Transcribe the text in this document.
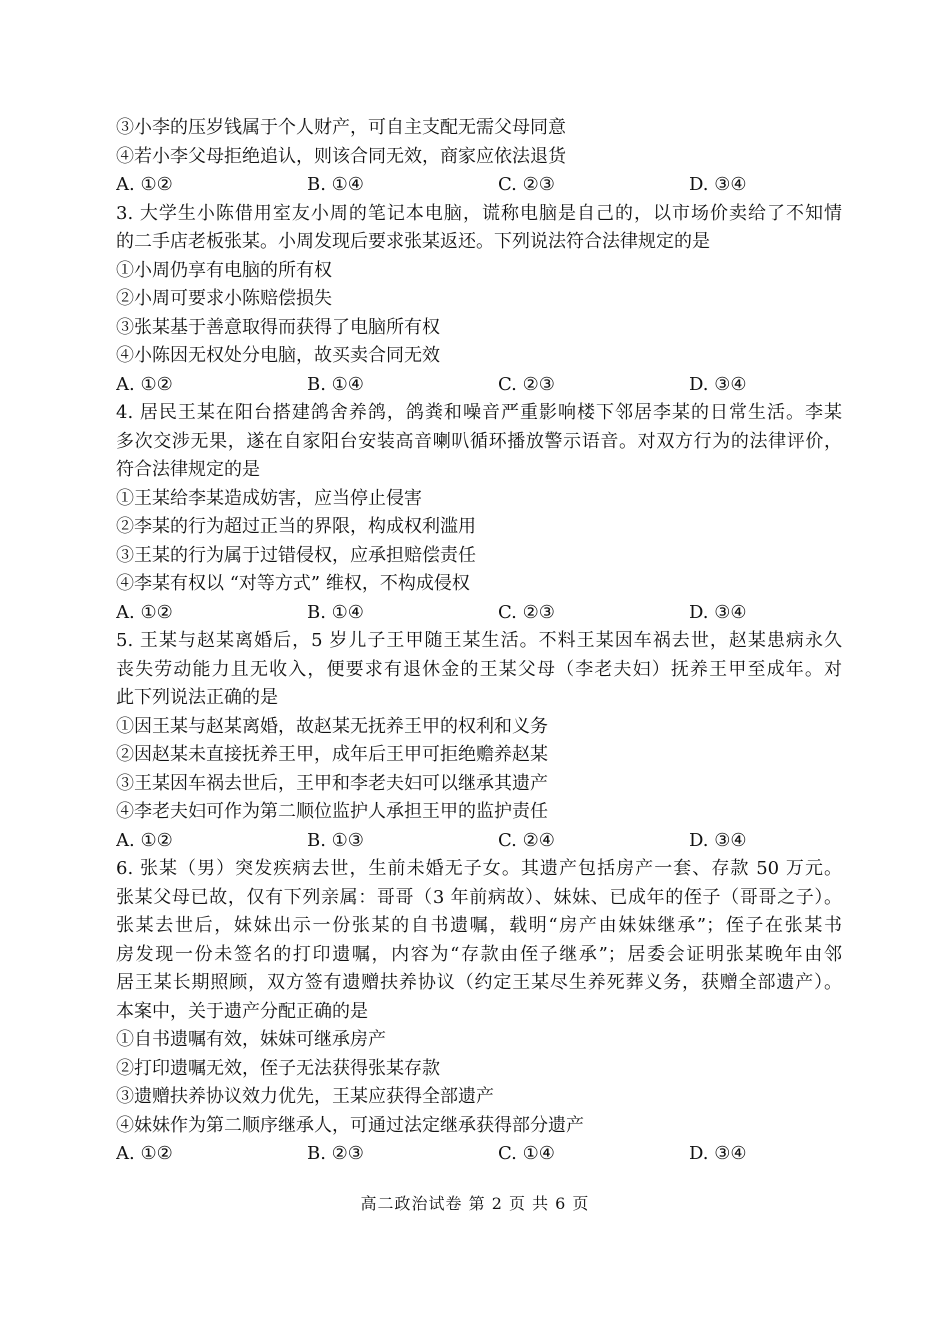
③小李的压岁钱属于个人财产，可自主支配无需父母同意
④若小李父母拒绝追认，则该合同无效，商家应依法退货
A. ①②	B. ①④	C. ②③	D. ③④
3. 大学生小陈借用室友小周的笔记本电脑，谎称电脑是自己的，以市场价卖给了不知情
的二手店老板张某。小周发现后要求张某返还。下列说法符合法律规定的是
①小周仍享有电脑的所有权
②小周可要求小陈赔偿损失
③张某基于善意取得而获得了电脑所有权
④小陈因无权处分电脑，故买卖合同无效
A. ①②	B. ①④	C. ②③	D. ③④
4. 居民王某在阳台搭建鸽舍养鸽，鸽粪和噪音严重影响楼下邻居李某的日常生活。李某
多次交涉无果，遂在自家阳台安装高音喇叭循环播放警示语音。对双方行为的法律评价，
符合法律规定的是
①王某给李某造成妨害，应当停止侵害
②李某的行为超过正当的界限，构成权利滥用
③王某的行为属于过错侵权，应承担赔偿责任
④李某有权以 “对等方式” 维权，不构成侵权
A. ①②	B. ①④	C. ②③	D. ③④
5. 王某与赵某离婚后，5 岁儿子王甲随王某生活。不料王某因车祸去世，赵某患病永久
丧失劳动能力且无收入，便要求有退休金的王某父母（李老夫妇）抚养王甲至成年。对
此下列说法正确的是
①因王某与赵某离婚，故赵某无抚养王甲的权利和义务
②因赵某未直接抚养王甲，成年后王甲可拒绝赡养赵某
③王某因车祸去世后，王甲和李老夫妇可以继承其遗产
④李老夫妇可作为第二顺位监护人承担王甲的监护责任
A. ①②	B. ①③	C. ②④	D. ③④
6. 张某（男）突发疾病去世，生前未婚无子女。其遗产包括房产一套、存款 50 万元。
张某父母已故，仅有下列亲属：哥哥（3 年前病故）、妹妹、已成年的侄子（哥哥之子）。
张某去世后，妹妹出示一份张某的自书遗嘱，载明“房产由妹妹继承”；侄子在张某书
房发现一份未签名的打印遗嘱，内容为“存款由侄子继承”；居委会证明张某晚年由邻
居王某长期照顾，双方签有遗赠扶养协议（约定王某尽生养死葬义务，获赠全部遗产）。
本案中，关于遗产分配正确的是
①自书遗嘱有效，妹妹可继承房产
②打印遗嘱无效，侄子无法获得张某存款
③遗赠扶养协议效力优先，王某应获得全部遗产
④妹妹作为第二顺序继承人，可通过法定继承获得部分遗产
A. ①②	B. ②③	C. ①④	D. ③④
高二政治试卷 第 2 页 共 6 页
